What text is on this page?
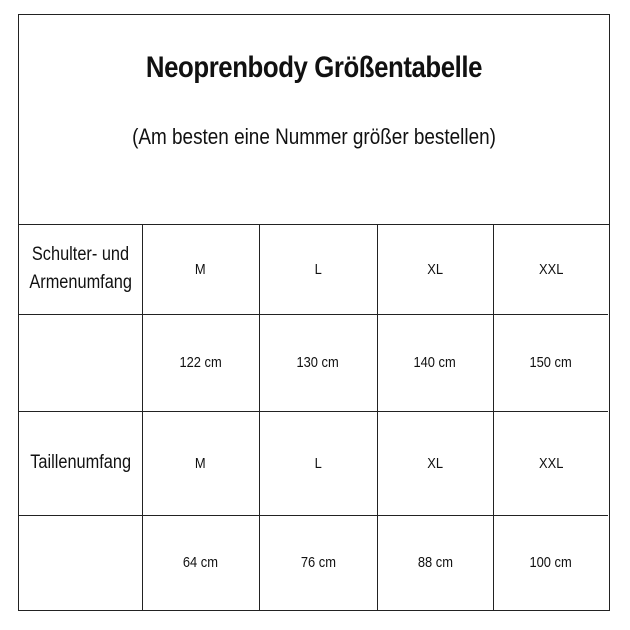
Neoprenbody Größentabelle
(Am besten eine Nummer größer bestellen)
Schulter- und
Armenumfang	M	L	XL	XXL
	122 cm	130 cm	140 cm	150 cm
Taillenumfang	M	L	XL	XXL
	64 cm	76 cm	88 cm	100 cm
